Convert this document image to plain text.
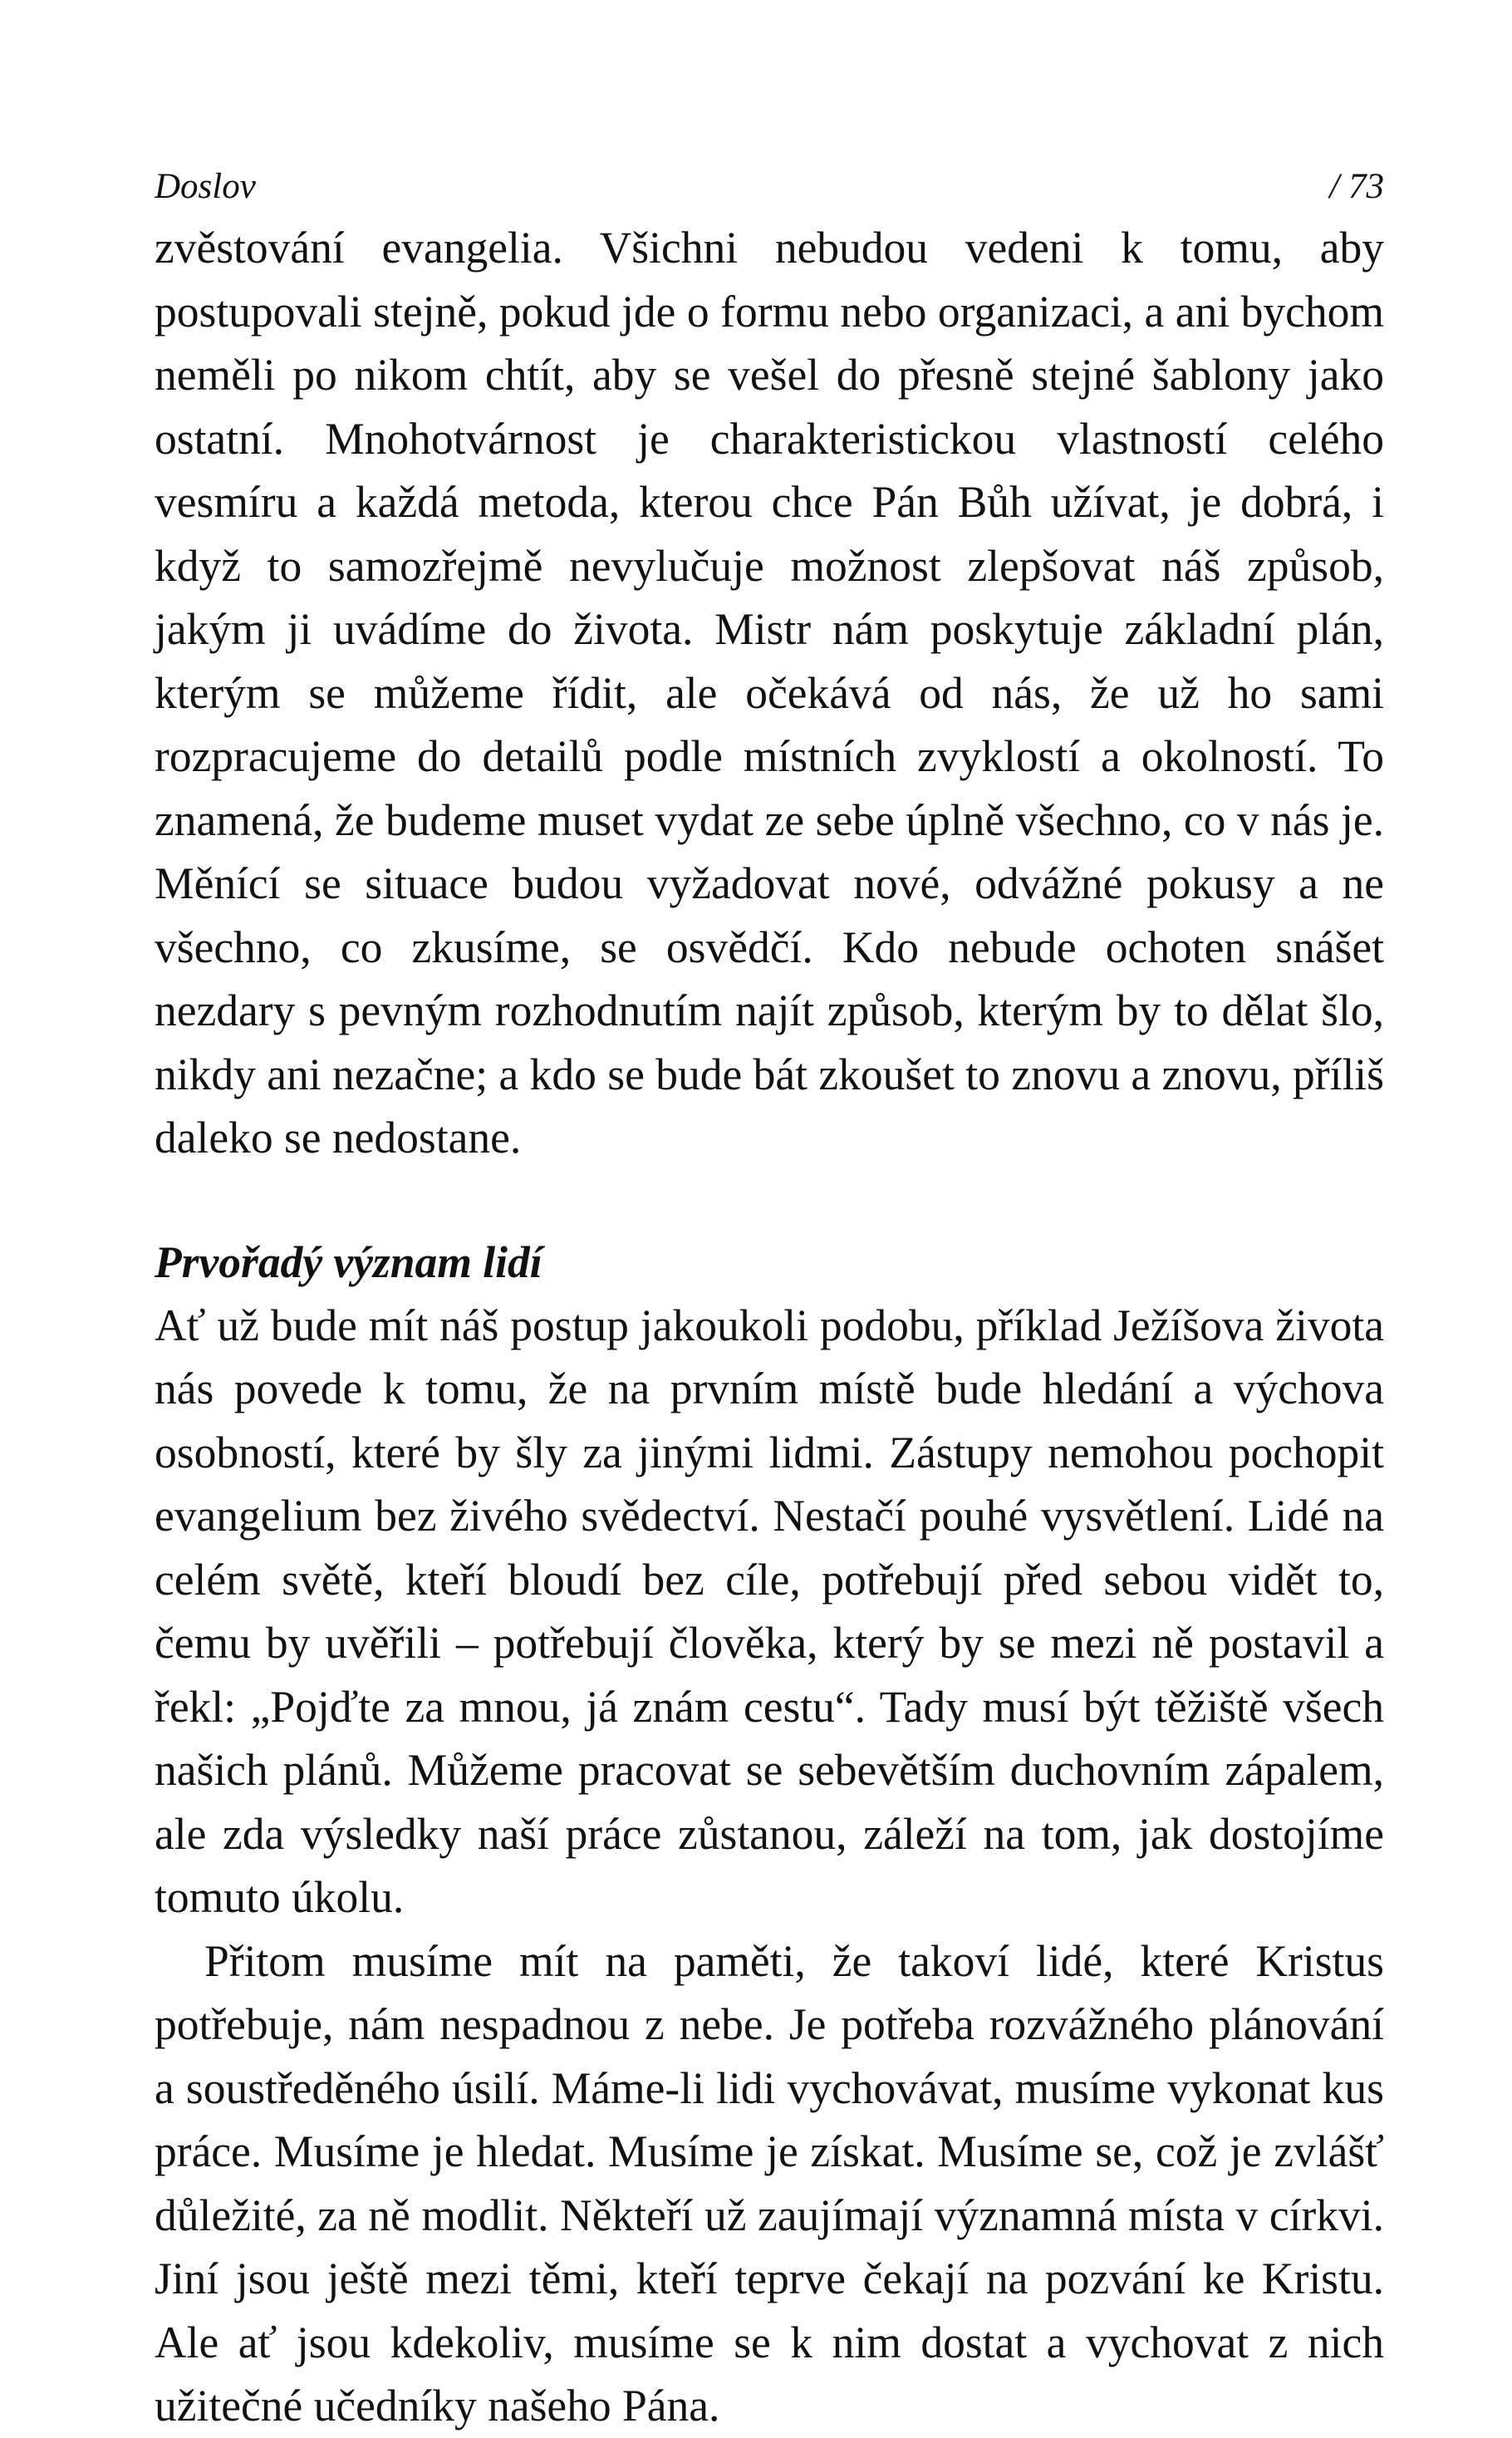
Doslov	/ 73

zvěstování evangelia. Všichni nebudou vedeni k tomu, aby postupovali stejně, pokud jde o formu nebo organizaci, a ani bychom neměli po nikom chtít, aby se vešel do přesně stejné šablony jako ostatní. Mnohotvárnost je charakteristickou vlastností celého vesmíru a každá metoda, kterou chce Pán Bůh užívat, je dobrá, i když to samozřejmě nevylučuje možnost zlepšovat náš způsob, jakým ji uvádíme do života. Mistr nám poskytuje základní plán, kterým se můžeme řídit, ale očekává od nás, že už ho sami rozpracujeme do detailů podle místních zvyklostí a okolností. To znamená, že budeme muset vydat ze sebe úplně všechno, co v nás je. Měnící se situace budou vyžadovat nové, odvážné pokusy a ne všechno, co zkusíme, se osvědčí. Kdo nebude ochoten snášet nezdary s pevným rozhodnutím najít způsob, kterým by to dělat šlo, nikdy ani nezačne; a kdo se bude bát zkoušet to znovu a znovu, příliš daleko se nedostane.

Prvořadý význam lidí

Ať už bude mít náš postup jakoukoli podobu, příklad Ježíšova života nás povede k tomu, že na prvním místě bude hledání a výchova osobností, které by šly za jinými lidmi. Zástupy nemohou pochopit evangelium bez živého svědectví. Nestačí pouhé vysvětlení. Lidé na celém světě, kteří bloudí bez cíle, potřebují před sebou vidět to, čemu by uvěřili – potřebují člověka, který by se mezi ně postavil a řekl: „Pojďte za mnou, já znám cestu“. Tady musí být těžiště všech našich plánů. Můžeme pracovat se sebevětším duchovním zápalem, ale zda výsledky naší práce zůstanou, záleží na tom, jak dostojíme tomuto úkolu.

Přitom musíme mít na paměti, že takoví lidé, které Kristus potřebuje, nám nespadnou z nebe. Je potřeba rozvážného plánování a soustředěného úsilí. Máme-li lidi vychovávat, musíme vykonat kus práce. Musíme je hledat. Musíme je získat. Musíme se, což je zvlášť důležité, za ně modlit. Někteří už zaujímají významná místa v církvi. Jiní jsou ještě mezi těmi, kteří teprve čekají na pozvání ke Kristu. Ale ať jsou kdekoliv, musíme se k nim dostat a vychovat z nich užitečné učedníky našeho Pána.
